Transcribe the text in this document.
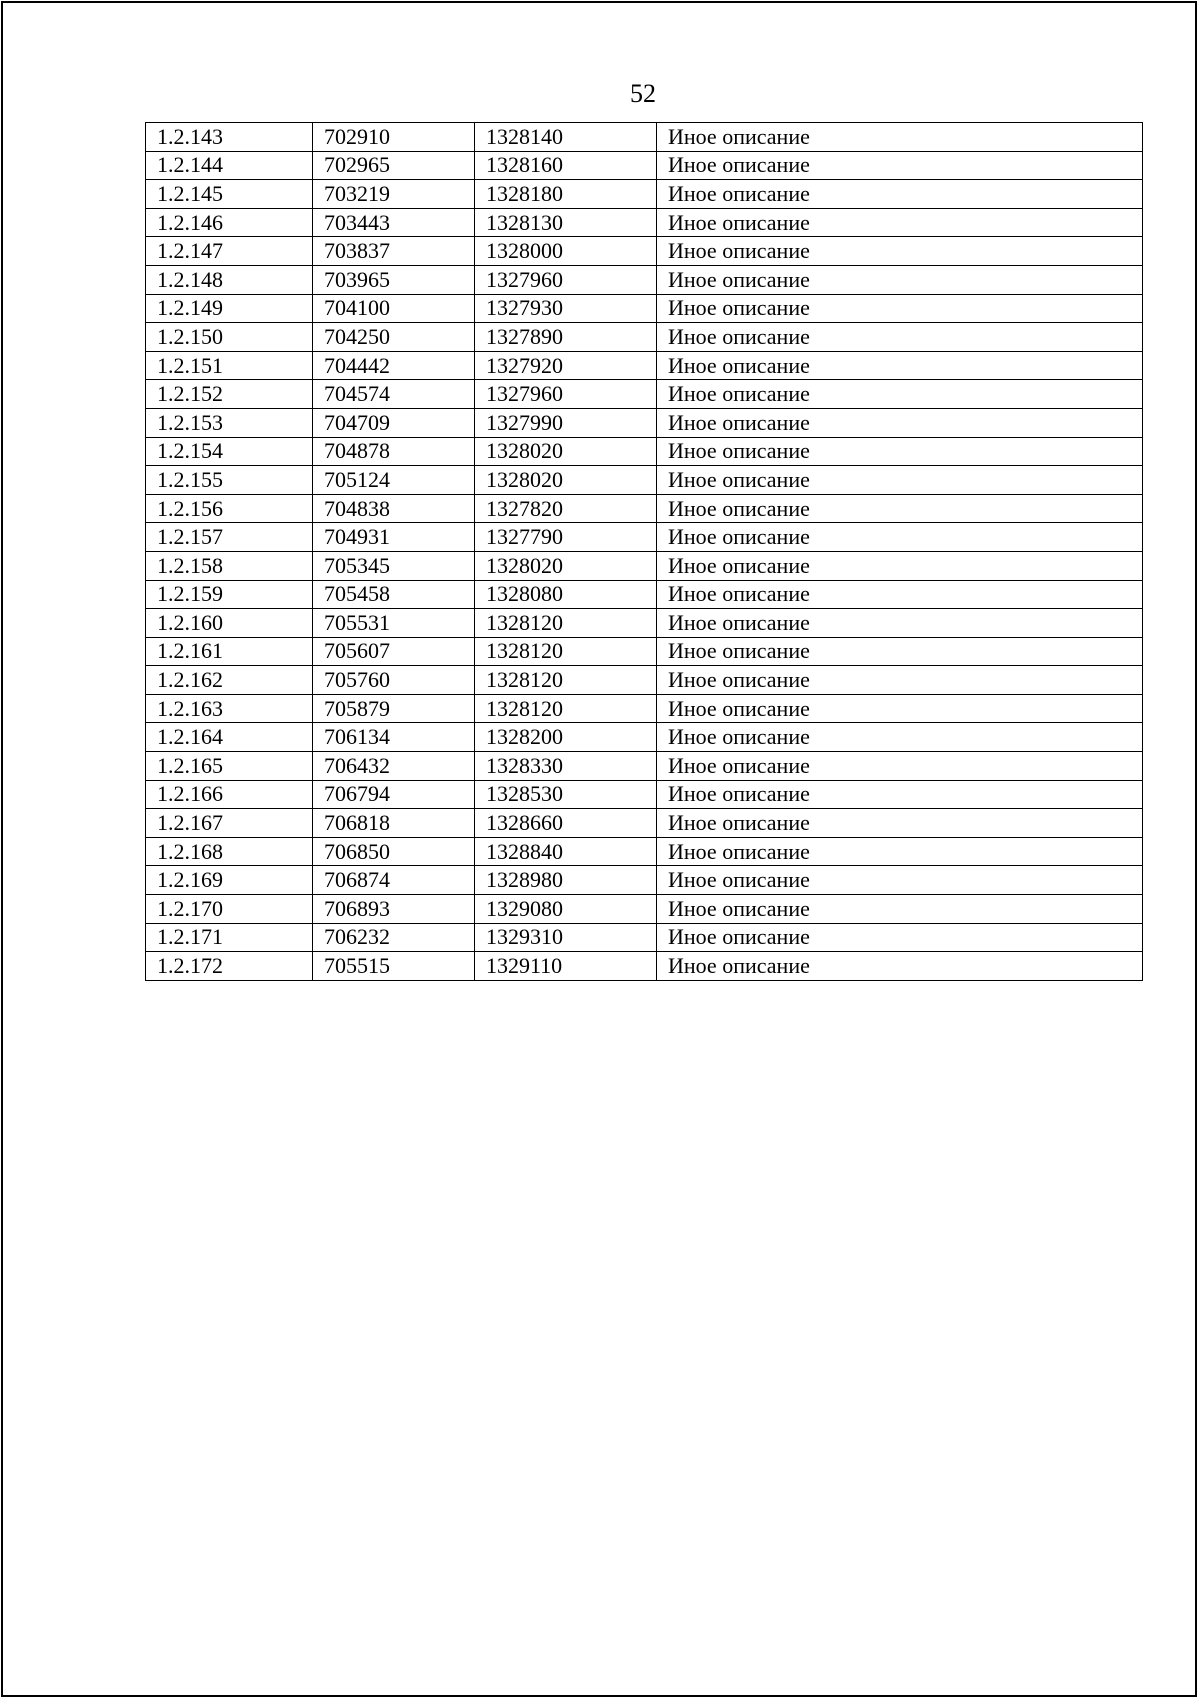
52
1.2.143	702910	1328140	Иное описание
1.2.144	702965	1328160	Иное описание
1.2.145	703219	1328180	Иное описание
1.2.146	703443	1328130	Иное описание
1.2.147	703837	1328000	Иное описание
1.2.148	703965	1327960	Иное описание
1.2.149	704100	1327930	Иное описание
1.2.150	704250	1327890	Иное описание
1.2.151	704442	1327920	Иное описание
1.2.152	704574	1327960	Иное описание
1.2.153	704709	1327990	Иное описание
1.2.154	704878	1328020	Иное описание
1.2.155	705124	1328020	Иное описание
1.2.156	704838	1327820	Иное описание
1.2.157	704931	1327790	Иное описание
1.2.158	705345	1328020	Иное описание
1.2.159	705458	1328080	Иное описание
1.2.160	705531	1328120	Иное описание
1.2.161	705607	1328120	Иное описание
1.2.162	705760	1328120	Иное описание
1.2.163	705879	1328120	Иное описание
1.2.164	706134	1328200	Иное описание
1.2.165	706432	1328330	Иное описание
1.2.166	706794	1328530	Иное описание
1.2.167	706818	1328660	Иное описание
1.2.168	706850	1328840	Иное описание
1.2.169	706874	1328980	Иное описание
1.2.170	706893	1329080	Иное описание
1.2.171	706232	1329310	Иное описание
1.2.172	705515	1329110	Иное описание
